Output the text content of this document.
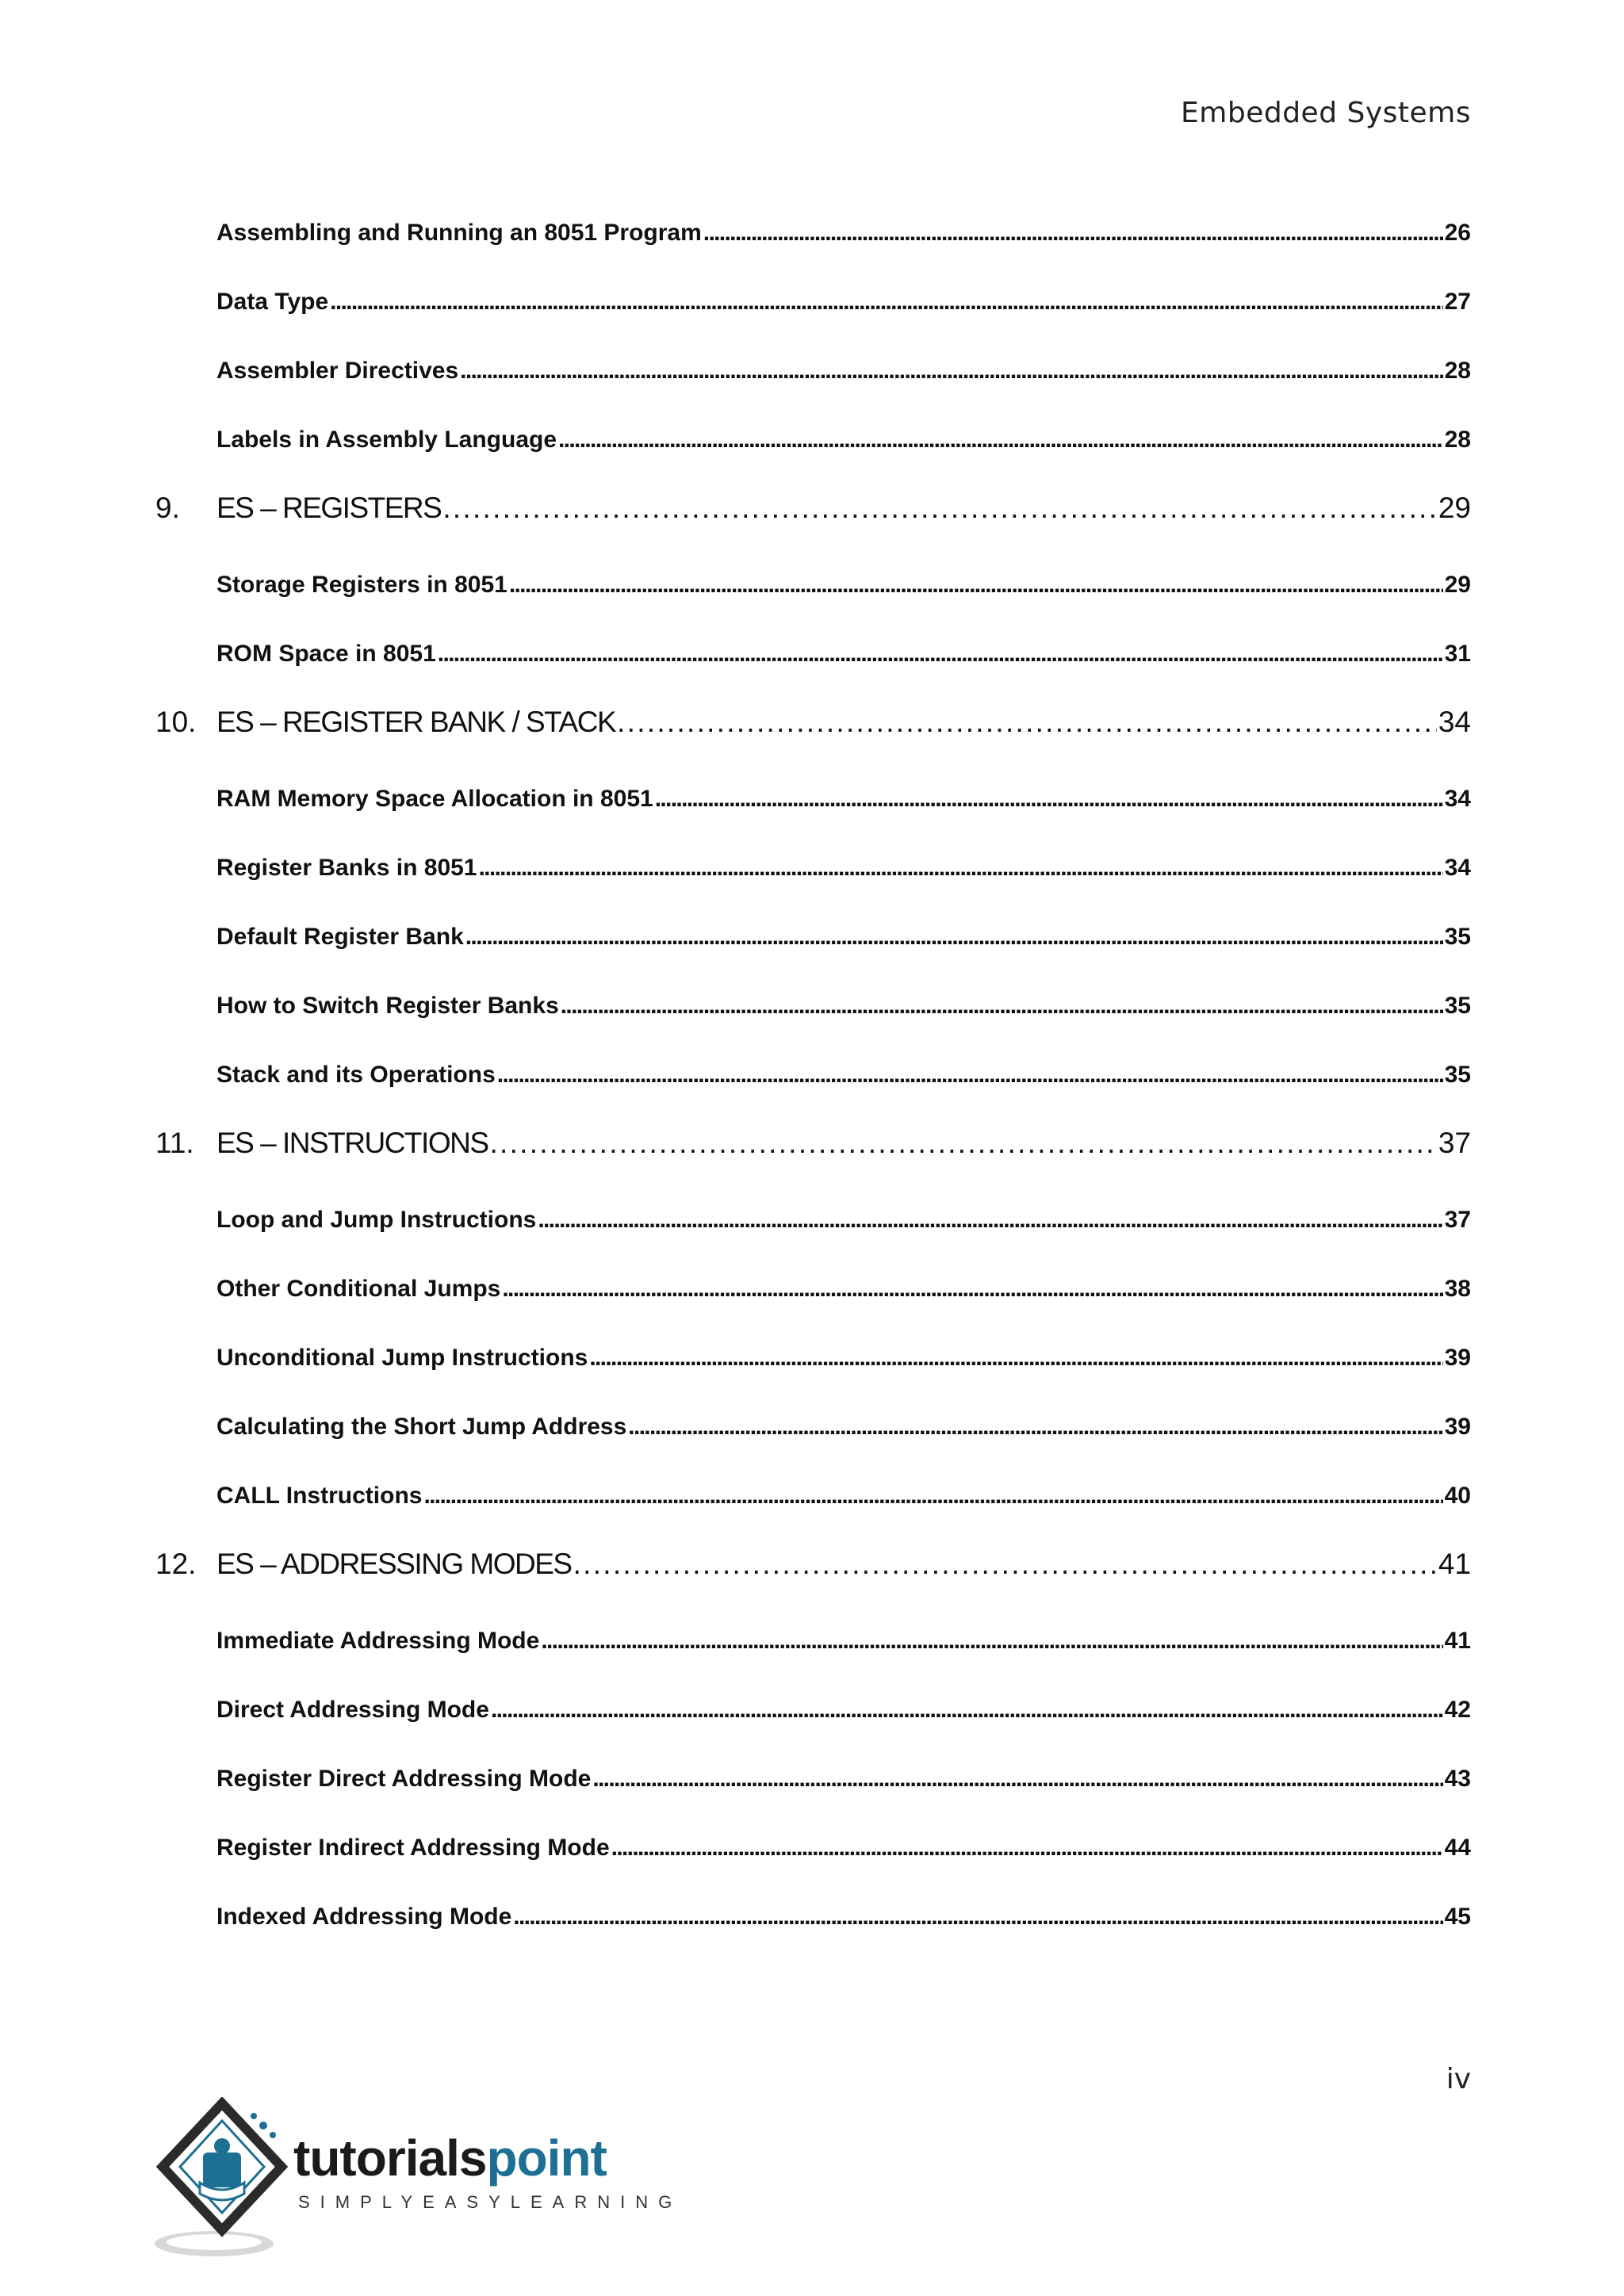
Embedded Systems
Assembling and Running an 8051 Program . . .	26
Data Type . . .	27
Assembler Directives . . .	28
Labels in Assembly Language . . .	28
9.	ES – REGISTERS . . .	29
Storage Registers in 8051 . . .	29
ROM Space in 8051 . . .	31
10. ES – REGISTER BANK / STACK . . .	34
RAM Memory Space Allocation in 8051 . . .	34
Register Banks in 8051 . . .	34
Default Register Bank . . .	35
How to Switch Register Banks . . .	35
Stack and its Operations . . .	35
11. ES – INSTRUCTIONS . . .	37
Loop and Jump Instructions . . .	37
Other Conditional Jumps . . .	38
Unconditional Jump Instructions . . .	39
Calculating the Short Jump Address . . .	39
CALL Instructions . . .	40
12. ES – ADDRESSING MODES . . .	41
Immediate Addressing Mode . . .	41
Direct Addressing Mode . . .	42
Register Direct Addressing Mode . . .	43
Register Indirect Addressing Mode . . .	44
Indexed Addressing Mode . . .	45
iv
tutorialspoint
SIMPLYEASYLEARNING
